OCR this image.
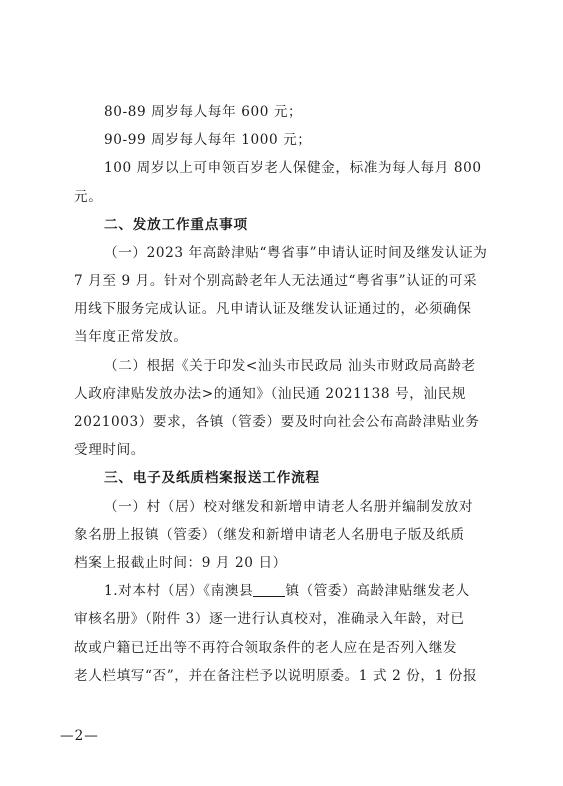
80-89 周岁每人每年 600 元；
90-99 周岁每人每年 1000 元；
100 周岁以上可申领百岁老人保健金，标准为每人每月 800
元。
二、发放工作重点事项
（一）2023 年高龄津贴“粤省事”申请认证时间及继发认证为
7 月至 9 月。针对个别高龄老年人无法通过“粤省事”认证的可采
用线下服务完成认证。凡申请认证及继发认证通过的，必须确保
当年度正常发放。
（二）根据《关于印发<汕头市民政局 汕头市财政局高龄老
人政府津贴发放办法>的通知》（汕民通 2021138 号，汕民规
2021003）要求，各镇（管委）要及时向社会公布高龄津贴业务
受理时间。
三、电子及纸质档案报送工作流程
（一）村（居）校对继发和新增申请老人名册并编制发放对
象名册上报镇（管委）（继发和新增申请老人名册电子版及纸质
档案上报截止时间：9 月 20 日）
1.对本村（居）《南澳县 镇（管委）高龄津贴继发老人
审核名册》（附件 3）逐一进行认真校对，准确录入年龄，对已
故或户籍已迁出等不再符合领取条件的老人应在是否列入继发
老人栏填写“否”，并在备注栏予以说明原委。1 式 2 份，1 份报
—2—
